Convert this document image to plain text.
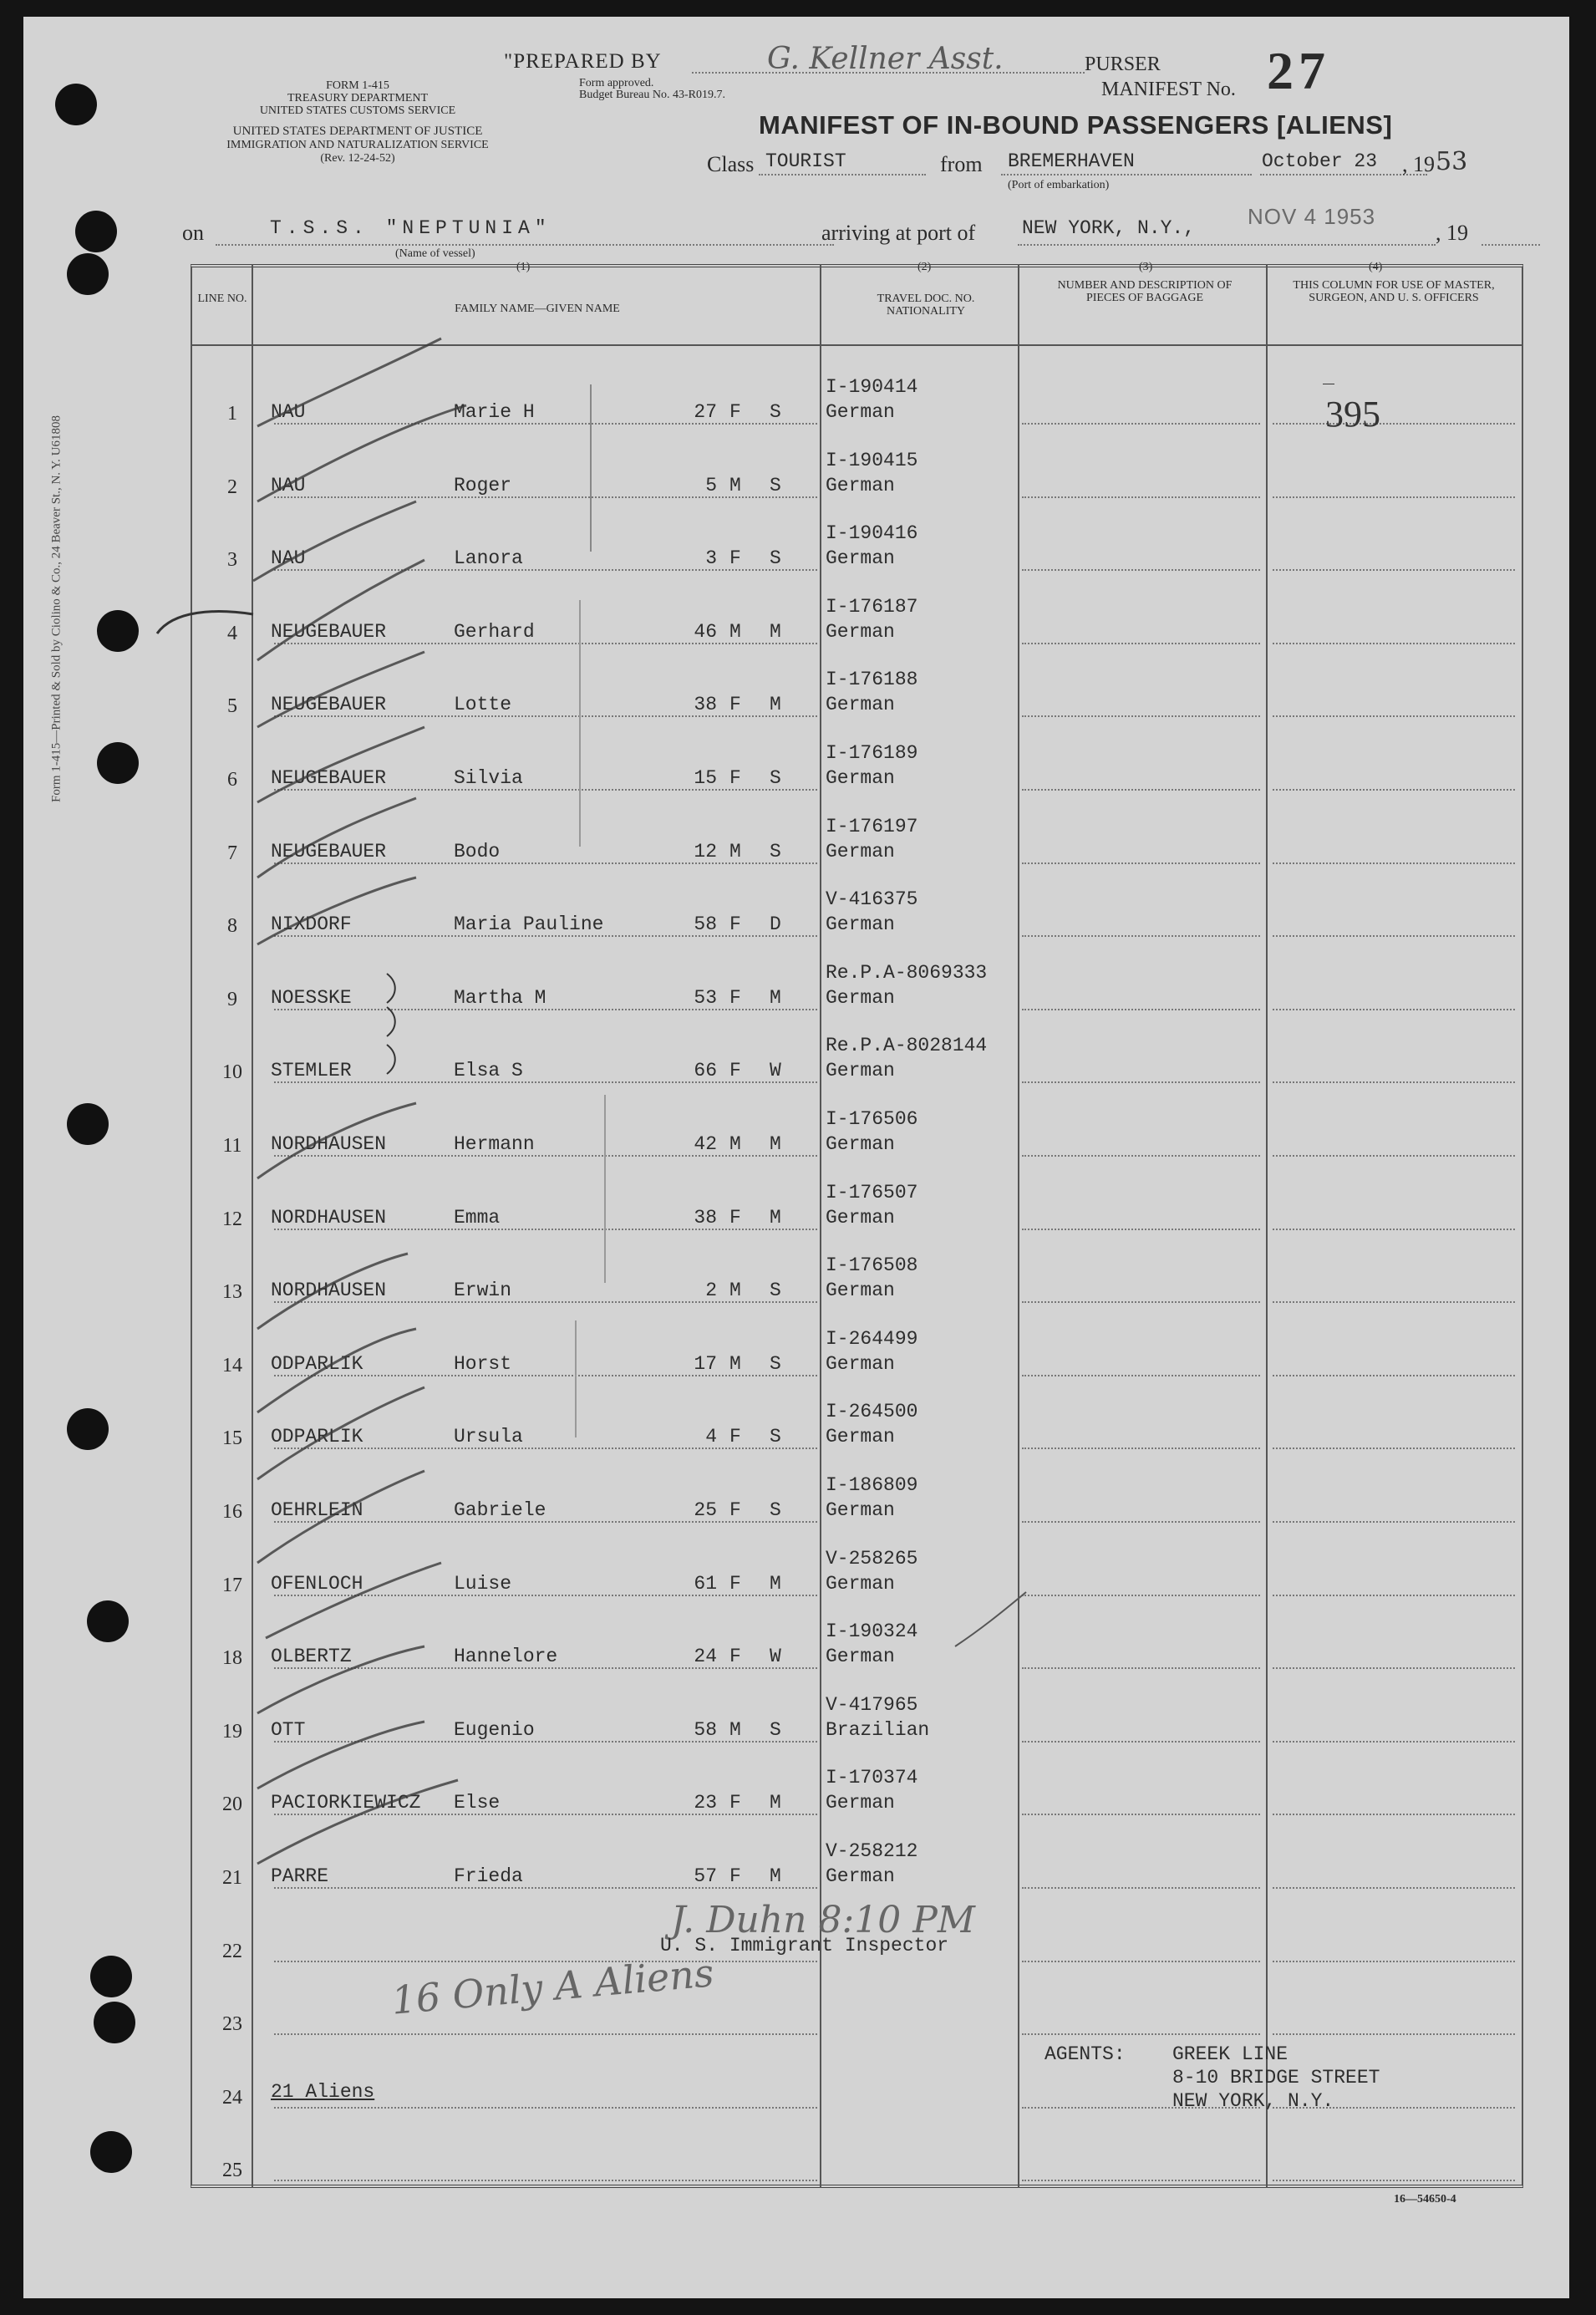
Form 1-415—Printed & Sold by Ciolino & Co., 24 Beaver St., N. Y. U61808
FORM 1-415
TREASURY DEPARTMENT
UNITED STATES CUSTOMS SERVICE
UNITED STATES DEPARTMENT OF JUSTICE
IMMIGRATION AND NATURALIZATION SERVICE
(Rev. 12-24-52)
"PREPARED BY	G. Kellner Asst.	PURSER
Form approved.
Budget Bureau No. 43-R019.7.	MANIFEST No. 27
MANIFEST OF IN-BOUND PASSENGERS [ALIENS]
Class TOURIST	from BREMERHAVEN
(Port of embarkation)
October 23 , 19 53
on	T.S.S. "NEPTUNIA"
(Name of vessel)
(1)
arriving at port of NEW YORK, N.Y., NOV 4 1953
, 19
(2)	(3)	(4)
LINE NO.
FAMILY NAME—GIVEN NAME
TRAVEL DOC. NO. NATIONALITY
NUMBER AND DESCRIPTION OF PIECES OF BAGGAGE
THIS COLUMN FOR USE OF MASTER, SURGEON, AND U. S. OFFICERS
1	NAU	Marie H	27 F S
I-190414
German
2	NAU	Roger	5 M S
I-190415
German
3	NAU	Lanora	3 F S
I-190416
German
4	NEUGEBAUER	Gerhard	46 M M
I-176187
German
5	NEUGEBAUER	Lotte	38 F M
I-176188
German
6	NEUGEBAUER	Silvia	15 F S
I-176189
German
7	NEUGEBAUER	Bodo	12 M S
I-176197
German
8	NIXDORF	Maria Pauline	58 F D
V-416375
German
9	NOESSKE	Martha M	53 F M
Re.P.A-8069333
German
10	STEMLER	Elsa S	66 F W
Re.P.A-8028144
German
11	NORDHAUSEN	Hermann	42 M M
I-176506
German
12	NORDHAUSEN	Emma	38 F M
I-176507
German
13	NORDHAUSEN	Erwin	2 M S
I-176508
German
14	ODPARLIK	Horst	17 M S
I-264499
German
15	ODPARLIK	Ursula	4 F S
I-264500
German
16	OEHRLEIN	Gabriele	25 F S
I-186809
German
17	OFENLOCH	Luise	61 F M
V-258265
German
18	OLBERTZ	Hannelore	24 F W
I-190324
German
19	OTT	Eugenio	58 M S
V-417965
Brazilian
20	PACIORKIEWICZ Else	23 F M
I-170374
German
21	PARRE	Frieda	57 F M
V-258212
German
22
23
24
25
—
395
J. Duhn 8:10 PM
U. S. Immigrant Inspector
16 Only A Aliens
21 Aliens
AGENTS: GREEK LINE
8-10 BRIDGE STREET
NEW YORK, N.Y.
16—54650-4
